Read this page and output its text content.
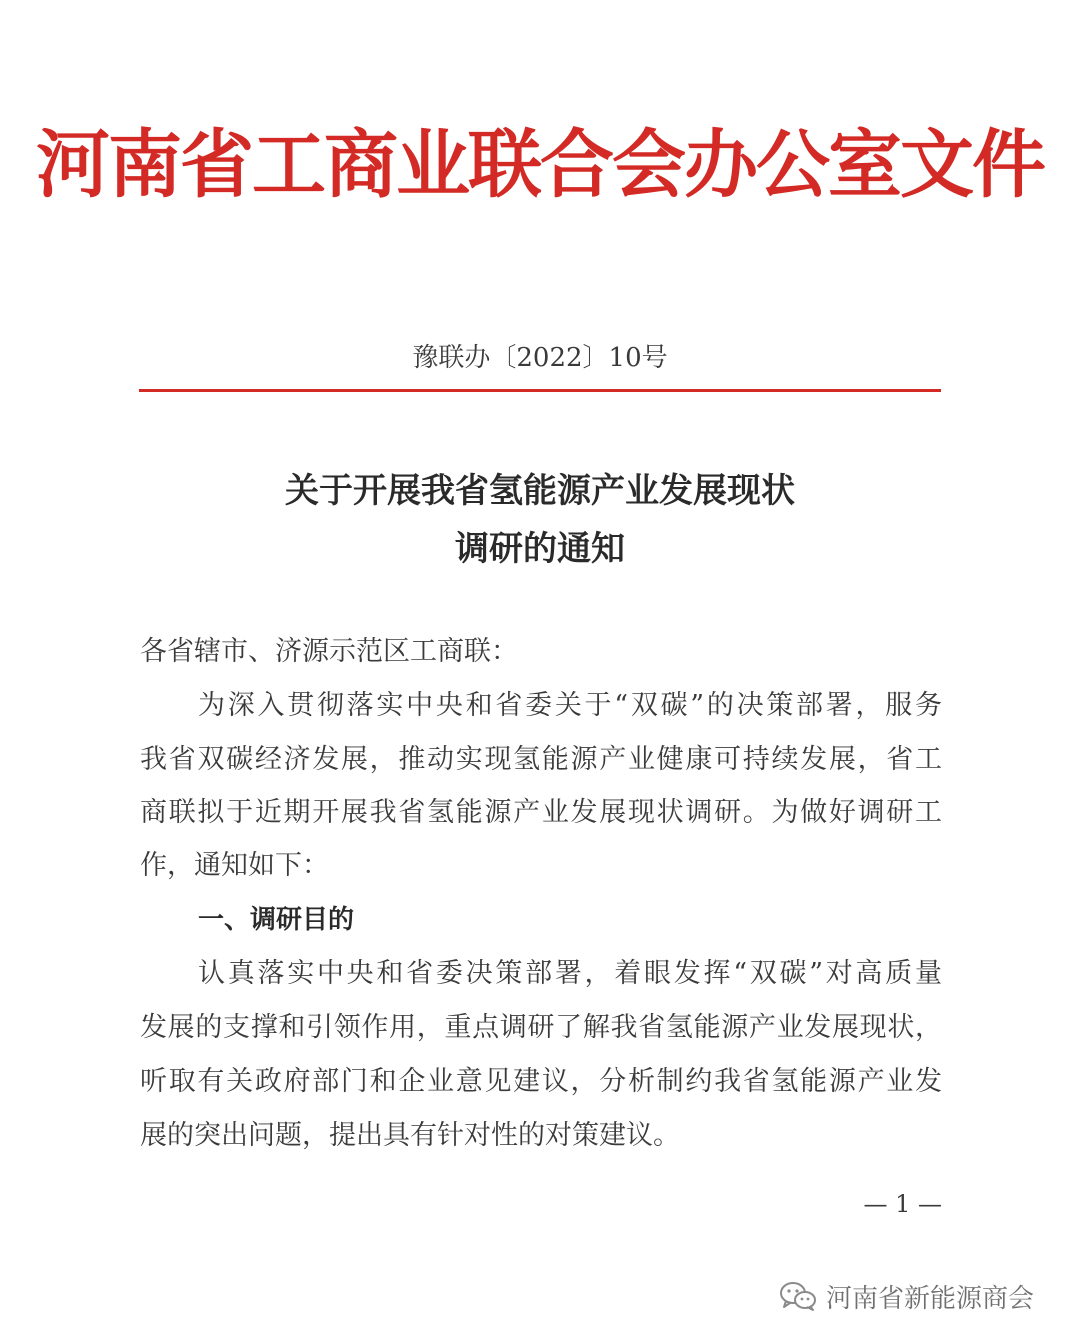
河南省工商业联合会办公室文件
豫联办〔2022〕10号
关于开展我省氢能源产业发展现状
调研的通知
各省辖市、济源示范区工商联：
为深入贯彻落实中央和省委关于“双碳”的决策部署，服务
我省双碳经济发展，推动实现氢能源产业健康可持续发展，省工
商联拟于近期开展我省氢能源产业发展现状调研。为做好调研工
作，通知如下：
一、调研目的
认真落实中央和省委决策部署，着眼发挥“双碳”对高质量
发展的支撑和引领作用，重点调研了解我省氢能源产业发展现状，
听取有关政府部门和企业意见建议，分析制约我省氢能源产业发
展的突出问题，提出具有针对性的对策建议。
— 1 —
河南省新能源商会
